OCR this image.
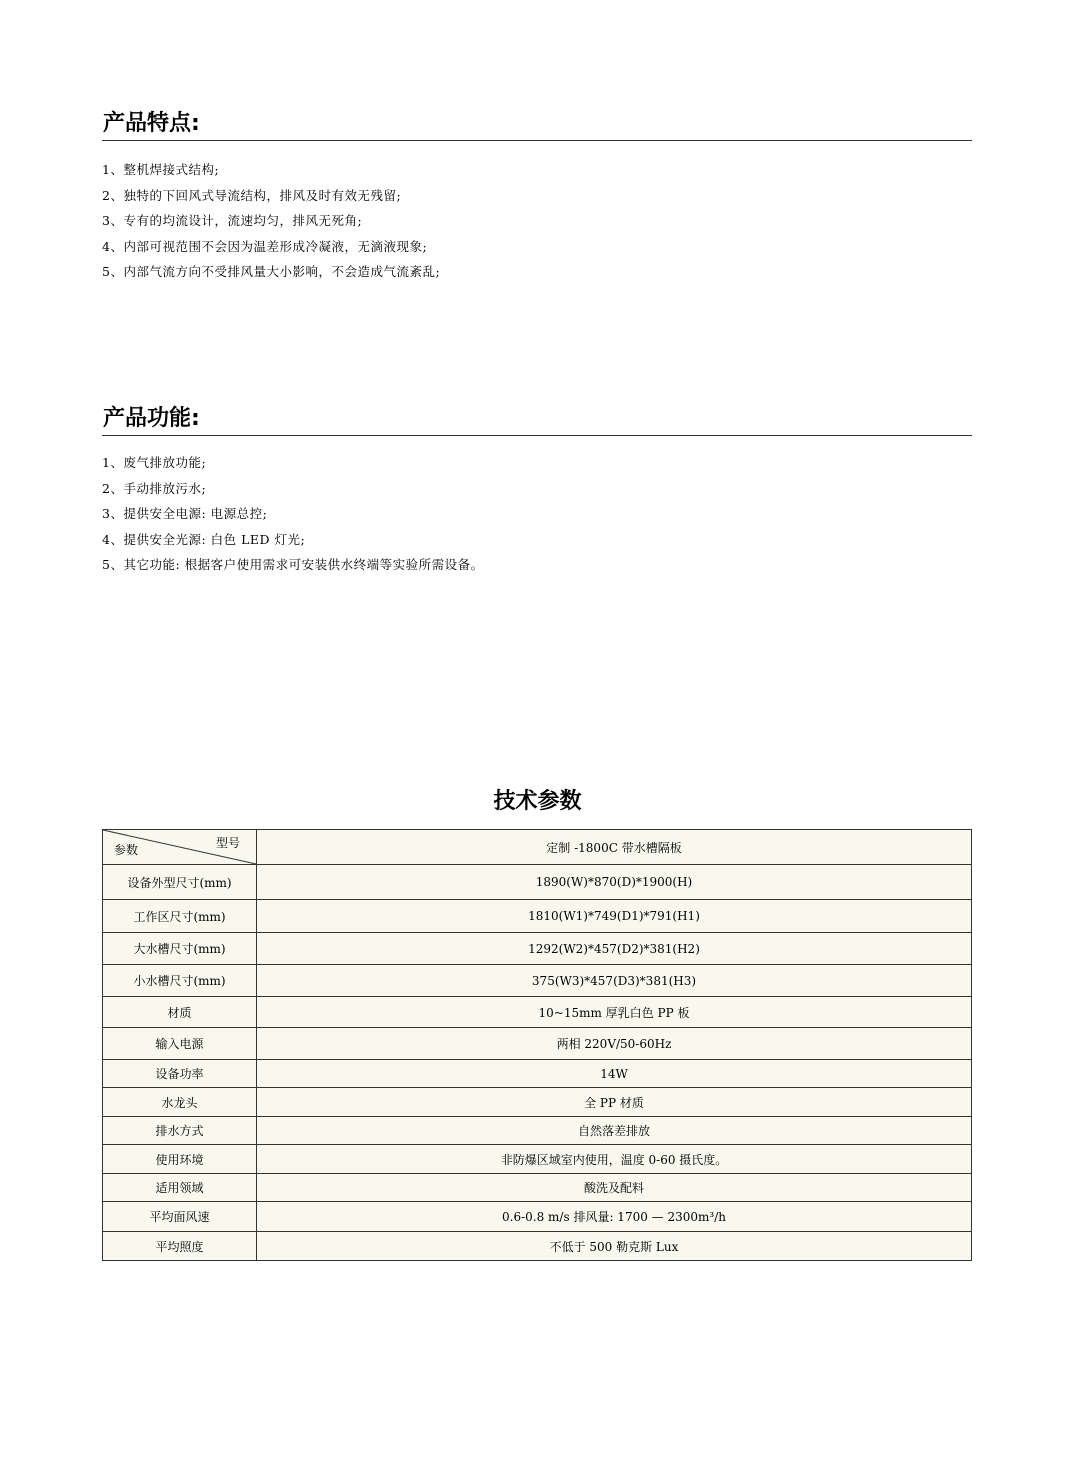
产品特点:
1、整机焊接式结构;
2、独特的下回风式导流结构，排风及时有效无残留;
3、专有的均流设计，流速均匀，排风无死角;
4、内部可视范围不会因为温差形成冷凝液，无滴液现象;
5、内部气流方向不受排风量大小影响，不会造成气流紊乱;
产品功能:
1、废气排放功能;
2、手动排放污水;
3、提供安全电源: 电源总控;
4、提供安全光源: 白色 LED 灯光;
5、其它功能: 根据客户使用需求可安装供水终端等实验所需设备。
技术参数
参数 型号	定制 -1800C 带水槽隔板
设备外型尺寸(mm)	1890(W)*870(D)*1900(H)
工作区尺寸(mm)	1810(W1)*749(D1)*791(H1)
大水槽尺寸(mm)	1292(W2)*457(D2)*381(H2)
小水槽尺寸(mm)	375(W3)*457(D3)*381(H3)
材质	10~15mm 厚乳白色 PP 板
输入电源	两相 220V/50-60Hz
设备功率	14W
水龙头	全 PP 材质
排水方式	自然落差排放
使用环境	非防爆区域室内使用，温度 0-60 摄氏度。
适用领域	酸洗及配料
平均面风速	0.6-0.8 m/s 排风量: 1700 — 2300m³/h
平均照度	不低于 500 勒克斯 Lux
